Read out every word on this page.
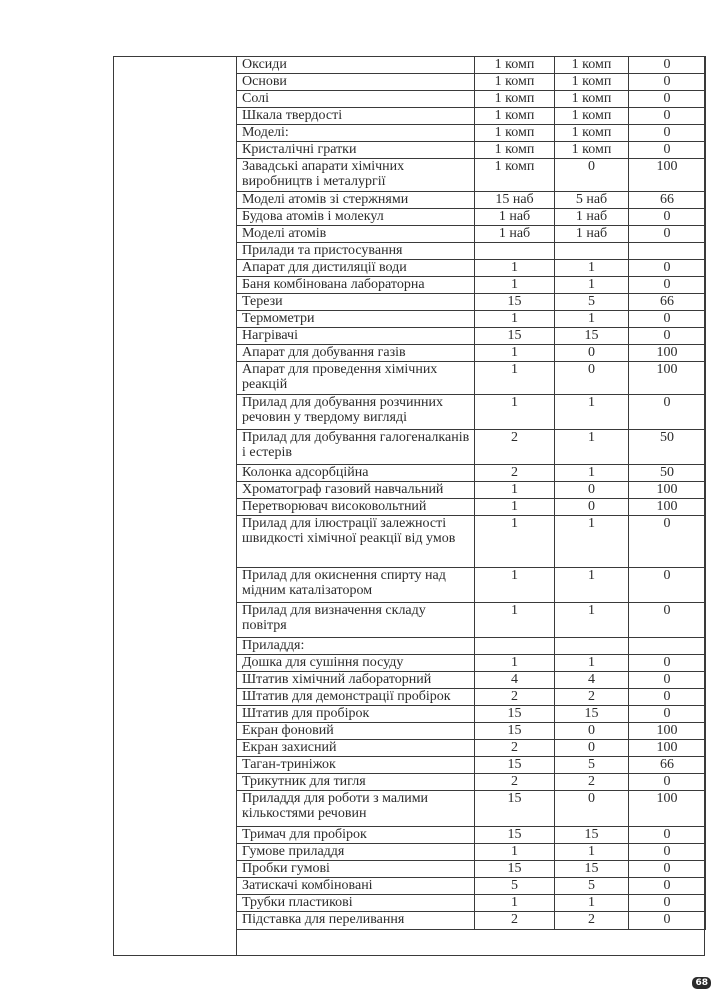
Оксиди	1 комп	1 комп	0
Основи	1 комп	1 комп	0
Солі	1 комп	1 комп	0
Шкала твердості	1 комп	1 комп	0
Моделі:	1 комп	1 комп	0
Кристалічні гратки	1 комп	1 комп	0
Завадські апарати хімічних виробництв і металургії	1 комп	0	100
Моделі атомів зі стержнями	15 наб	5 наб	66
Будова атомів і молекул	1 наб	1 наб	0
Моделі атомів	1 наб	1 наб	0
Прилади та пристосування			
Апарат для дистиляції води	1	1	0
Баня комбінована лабораторна	1	1	0
Терези	15	5	66
Термометри	1	1	0
Нагрівачі	15	15	0
Апарат для добування газів	1	0	100
Апарат для проведення хімічних реакцій	1	0	100
Прилад для добування розчинних речовин у твердому вигляді	1	1	0
Прилад для добування галогеналканів і естерів	2	1	50
Колонка адсорбційна	2	1	50
Хроматограф газовий навчальний	1	0	100
Перетворювач високовольтний	1	0	100
Прилад для ілюстрації залежності швидкості хімічної реакції від умов	1	1	0
Прилад для окиснення спирту над мідним каталізатором	1	1	0
Прилад для визначення складу повітря	1	1	0
Приладдя:			
Дошка для сушіння посуду	1	1	0
Штатив хімічний лабораторний	4	4	0
Штатив для демонстрації пробірок	2	2	0
Штатив для пробірок	15	15	0
Екран фоновий	15	0	100
Екран захисний	2	0	100
Таган-триніжок	15	5	66
Трикутник для тигля	2	2	0
Приладдя для роботи з малими кількостями речовин	15	0	100
Тримач для пробірок	15	15	0
Гумове приладдя	1	1	0
Пробки гумові	15	15	0
Затискачі комбіновані	5	5	0
Трубки пластикові	1	1	0
Підставка для переливання	2	2	0
68
